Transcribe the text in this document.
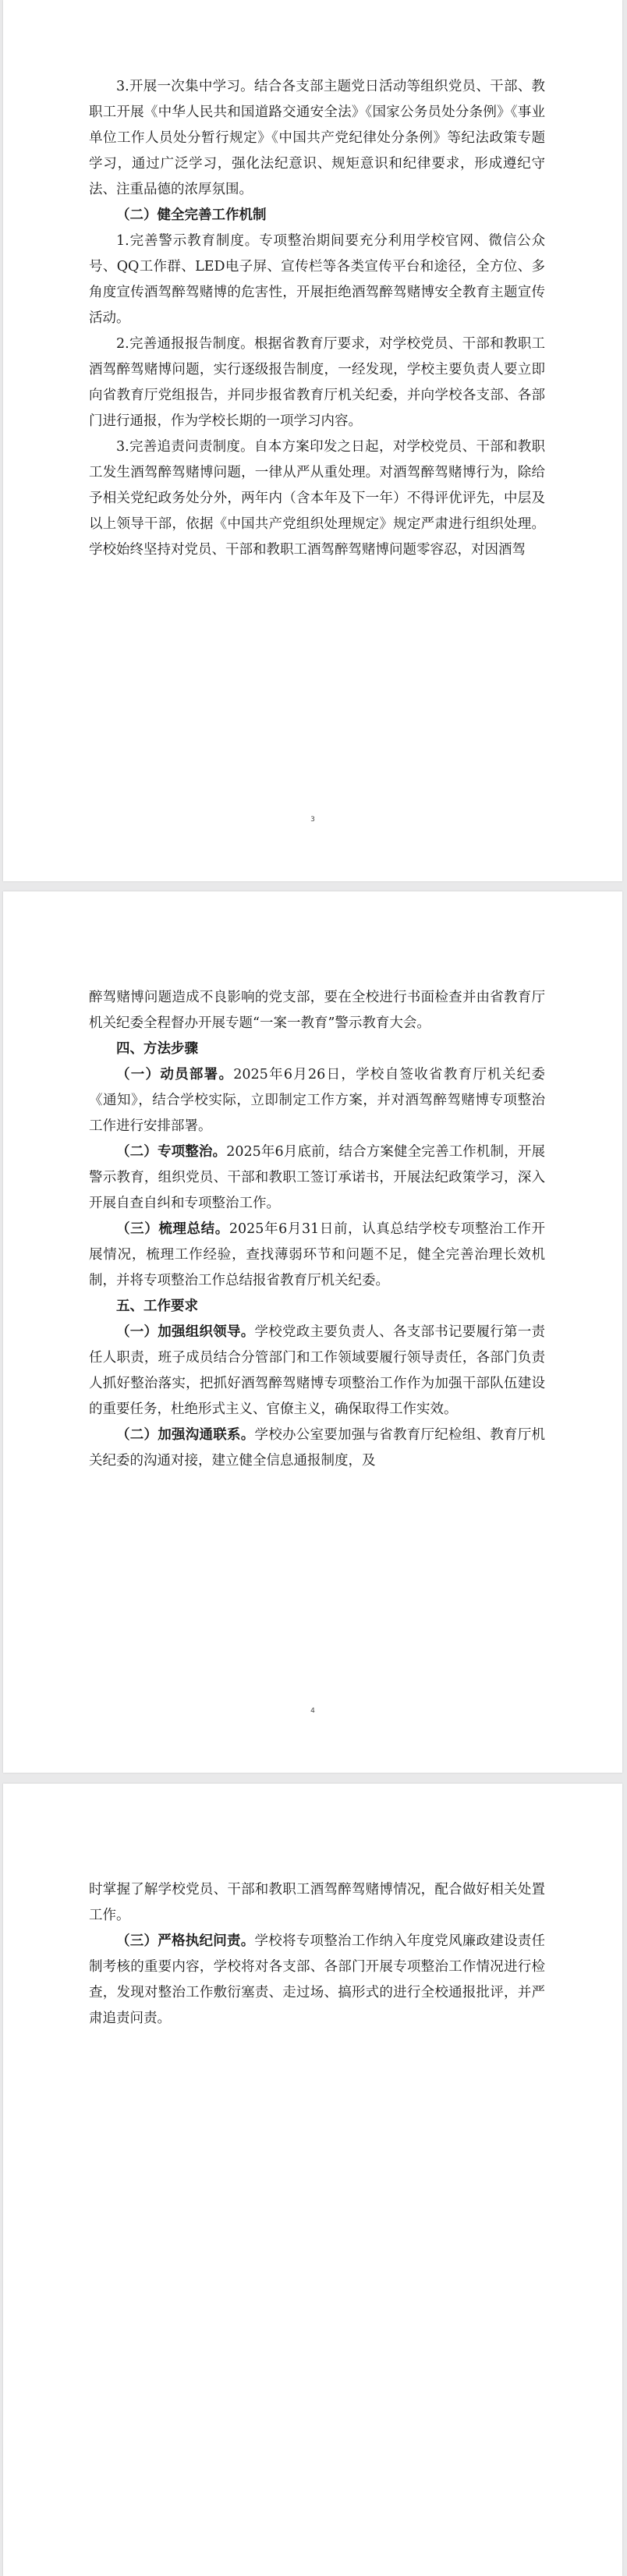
3.开展一次集中学习。结合各支部主题党日活动等组织党员、干部、教职工开展《中华人民共和国道路交通安全法》《国家公务员处分条例》《事业单位工作人员处分暂行规定》《中国共产党纪律处分条例》等纪法政策专题学习，通过广泛学习，强化法纪意识、规矩意识和纪律要求，形成遵纪守法、注重品德的浓厚氛围。

（二）健全完善工作机制

1.完善警示教育制度。专项整治期间要充分利用学校官网、微信公众号、QQ工作群、LED电子屏、宣传栏等各类宣传平台和途径，全方位、多角度宣传酒驾醉驾赌博的危害性，开展拒绝酒驾醉驾赌博安全教育主题宣传活动。

2.完善通报报告制度。根据省教育厅要求，对学校党员、干部和教职工酒驾醉驾赌博问题，实行逐级报告制度，一经发现，学校主要负责人要立即向省教育厅党组报告，并同步报省教育厅机关纪委，并向学校各支部、各部门进行通报，作为学校长期的一项学习内容。

3.完善追责问责制度。自本方案印发之日起，对学校党员、干部和教职工发生酒驾醉驾赌博问题，一律从严从重处理。对酒驾醉驾赌博行为，除给予相关党纪政务处分外，两年内（含本年及下一年）不得评优评先，中层及以上领导干部，依据《中国共产党组织处理规定》规定严肃进行组织处理。学校始终坚持对党员、干部和教职工酒驾醉驾赌博问题零容忍，对因酒驾

3

醉驾赌博问题造成不良影响的党支部，要在全校进行书面检查并由省教育厅机关纪委全程督办开展专题“一案一教育”警示教育大会。

四、方法步骤

（一）动员部署。2025年6月26日，学校自签收省教育厅机关纪委《通知》，结合学校实际，立即制定工作方案，并对酒驾醉驾赌博专项整治工作进行安排部署。

（二）专项整治。2025年6月底前，结合方案健全完善工作机制，开展警示教育，组织党员、干部和教职工签订承诺书，开展法纪政策学习，深入开展自查自纠和专项整治工作。

（三）梳理总结。2025年6月31日前，认真总结学校专项整治工作开展情况，梳理工作经验，查找薄弱环节和问题不足，健全完善治理长效机制，并将专项整治工作总结报省教育厅机关纪委。

五、工作要求

（一）加强组织领导。学校党政主要负责人、各支部书记要履行第一责任人职责，班子成员结合分管部门和工作领域要履行领导责任，各部门负责人抓好整治落实，把抓好酒驾醉驾赌博专项整治工作作为加强干部队伍建设的重要任务，杜绝形式主义、官僚主义，确保取得工作实效。

（二）加强沟通联系。学校办公室要加强与省教育厅纪检组、教育厅机关纪委的沟通对接，建立健全信息通报制度，及

4

时掌握了解学校党员、干部和教职工酒驾醉驾赌博情况，配合做好相关处置工作。

（三）严格执纪问责。学校将专项整治工作纳入年度党风廉政建设责任制考核的重要内容，学校将对各支部、各部门开展专项整治工作情况进行检查，发现对整治工作敷衍塞责、走过场、搞形式的进行全校通报批评，并严肃追责问责。
